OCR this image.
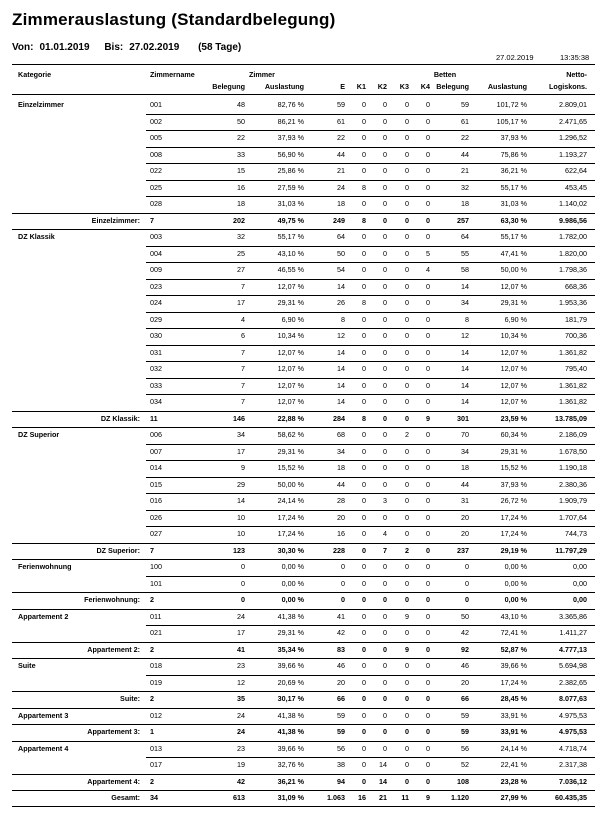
Zimmerauslastung (Standardbelegung)
Von: 01.01.2019 Bis: 27.02.2019 (58 Tage)
27.02.2019	13:35:38
Kategorie	Zimmername	Zimmer	Betten	Netto-
Belegung	Auslastung	E K1 K2 K3 K4 Belegung	Auslastung	Logiskons.
Einzelzimmer	001	48	82,76 %	59 0 0	0 0	59	101,72 %	2.809,01
002	50	86,21 %	61 0 0	0 0	61	105,17 %	2.471,65
005	22	37,93 %	22 0 0	0 0	22	37,93 %	1.296,52
008	33	56,90 %	44 0 0	0 0	44	75,86 %	1.193,27
022	15	25,86 %	21 0 0	0 0	21	36,21 %	622,64
025	16	27,59 %	24 8 0	0 0	32	55,17 %	453,45
028	18	31,03 %	18 0 0	0 0	18	31,03 %	1.140,02
Einzelzimmer: 7	202	49,75 %	249 8 0	0 0	257	63,30 %	9.986,56
DZ Klassik	003	32	55,17 %	64 0 0	0 0	64	55,17 %	1.782,00
004	25	43,10 %	50 0 0	0 5	55	47,41 %	1.820,00
009	27	46,55 %	54 0 0	0 4	58	50,00 %	1.798,36
023	7	12,07 %	14 0 0	0 0	14	12,07 %	668,36
024	17	29,31 %	26 8 0	0 0	34	29,31 %	1.953,36
029	4	6,90 %	8 0 0	0 0	8	6,90 %	181,79
030	6	10,34 %	12 0 0	0 0	12	10,34 %	700,36
031	7	12,07 %	14 0 0	0 0	14	12,07 %	1.361,82
032	7	12,07 %	14 0 0	0 0	14	12,07 %	795,40
033	7	12,07 %	14 0 0	0 0	14	12,07 %	1.361,82
034	7	12,07 %	14 0 0	0 0	14	12,07 %	1.361,82
DZ Klassik: 11	146	22,88 %	284 8 0	0 9	301	23,59 %	13.785,09
DZ Superior	006	34	58,62 %	68 0 0	2 0	70	60,34 %	2.186,09
007	17	29,31 %	34 0 0	0 0	34	29,31 %	1.678,50
014	9	15,52 %	18 0 0	0 0	18	15,52 %	1.190,18
015	29	50,00 %	44 0 0	0 0	44	37,93 %	2.380,36
016	14	24,14 %	28 0 3	0 0	31	26,72 %	1.909,79
026	10	17,24 %	20 0 0	0 0	20	17,24 %	1.707,64
027	10	17,24 %	16 0 4	0 0	20	17,24 %	744,73
DZ Superior: 7	123	30,30 %	228 0 7	2 0	237	29,19 %	11.797,29
Ferienwohnung	100	0	0,00 %	0 0 0	0 0	0	0,00 %	0,00
101	0	0,00 %	0 0 0	0 0	0	0,00 %	0,00
Ferienwohnung: 2	0	0,00 %	0 0 0	0 0	0	0,00 %	0,00
Appartement 2	011	24	41,38 %	41 0 0	9 0	50	43,10 %	3.365,86
021	17	29,31 %	42 0 0	0 0	42	72,41 %	1.411,27
Appartement 2: 2	41	35,34 %	83 0 0	9 0	92	52,87 %	4.777,13
Suite	018	23	39,66 %	46 0 0	0 0	46	39,66 %	5.694,98
019	12	20,69 %	20 0 0	0 0	20	17,24 %	2.382,65
Suite: 2	35	30,17 %	66 0 0	0 0	66	28,45 %	8.077,63
Appartement 3	012	24	41,38 %	59 0 0	0 0	59	33,91 %	4.975,53
Appartement 3: 1	24	41,38 %	59 0 0	0 0	59	33,91 %	4.975,53
Appartement 4	013	23	39,66 %	56 0 0	0 0	56	24,14 %	4.718,74
017	19	32,76 %	38 0 14	0 0	52	22,41 %	2.317,38
Appartement 4: 2	42	36,21 %	94 0 14	0 0	108	23,28 %	7.036,12
Gesamt: 34	613	31,09 %	1.063 16 21 11 9	1.120	27,99 %	60.435,35
